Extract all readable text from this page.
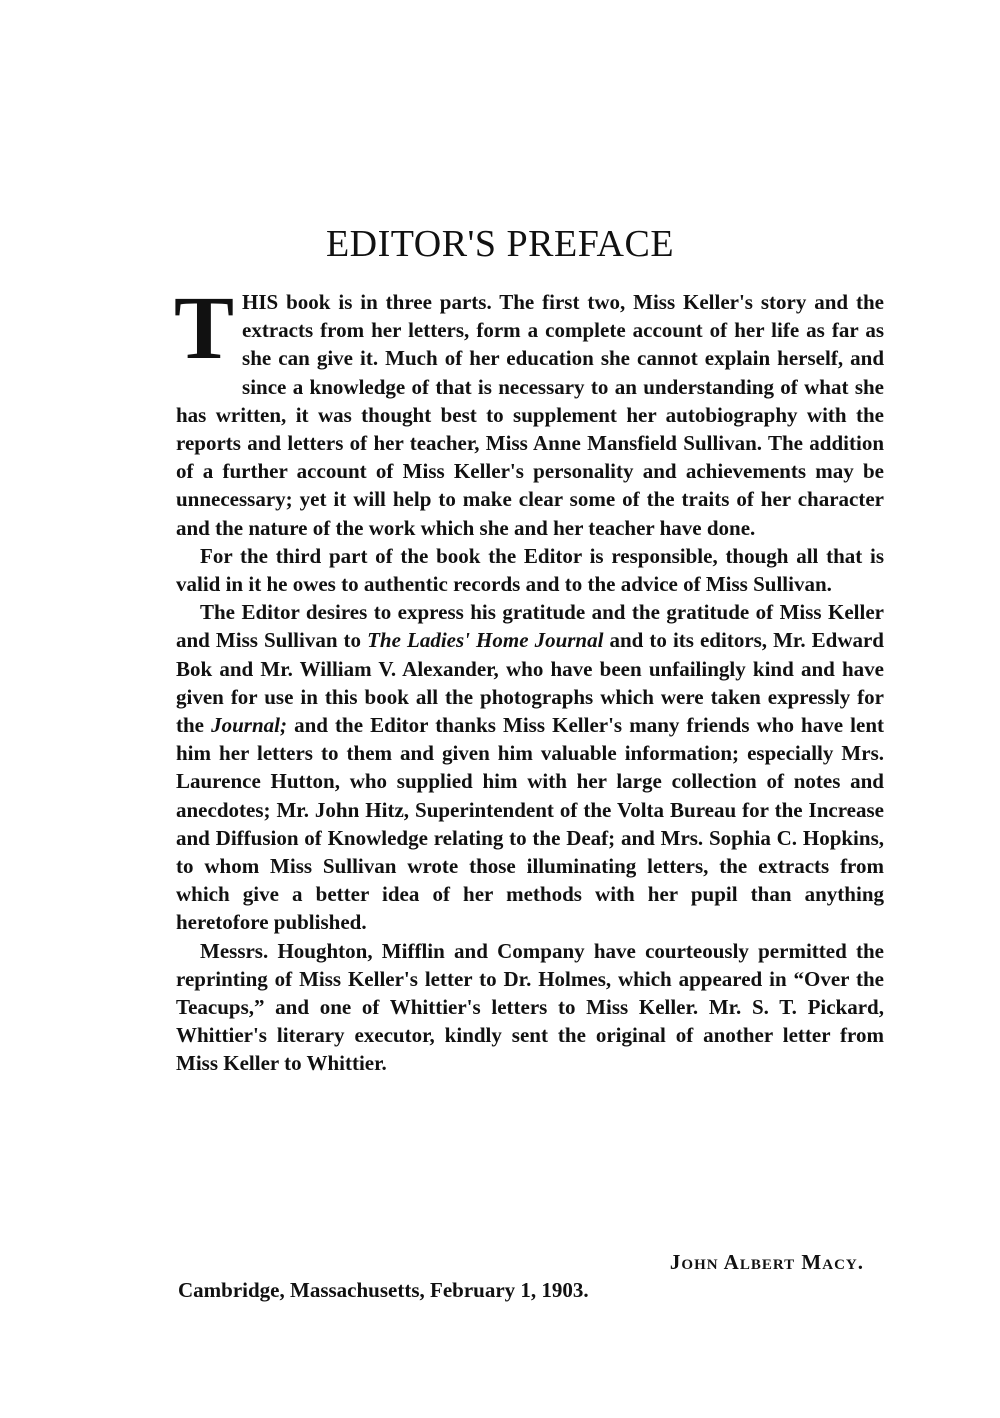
EDITOR'S PREFACE

THIS book is in three parts. The first two, Miss Keller's story and the extracts from her letters, form a complete account of her life as far as she can give it. Much of her education she cannot explain herself, and since a knowledge of that is necessary to an understanding of what she has written, it was thought best to supplement her autobiography with the reports and letters of her teacher, Miss Anne Mansfield Sullivan. The addition of a further account of Miss Keller's personality and achievements may be unnecessary; yet it will help to make clear some of the traits of her character and the nature of the work which she and her teacher have done.

For the third part of the book the Editor is responsible, though all that is valid in it he owes to authentic records and to the advice of Miss Sullivan.

The Editor desires to express his gratitude and the gratitude of Miss Keller and Miss Sullivan to The Ladies' Home Journal and to its editors, Mr. Edward Bok and Mr. William V. Alexander, who have been unfailingly kind and have given for use in this book all the photographs which were taken expressly for the Journal; and the Editor thanks Miss Keller's many friends who have lent him her letters to them and given him valuable information; especially Mrs. Laurence Hutton, who supplied him with her large collection of notes and anecdotes; Mr. John Hitz, Superintendent of the Volta Bureau for the Increase and Diffusion of Knowledge relating to the Deaf; and Mrs. Sophia C. Hopkins, to whom Miss Sullivan wrote those illuminating letters, the extracts from which give a better idea of her methods with her pupil than anything heretofore published.

Messrs. Houghton, Mifflin and Company have courteously permitted the reprinting of Miss Keller's letter to Dr. Holmes, which appeared in “Over the Teacups,” and one of Whittier's letters to Miss Keller. Mr. S. T. Pickard, Whittier's literary executor, kindly sent the original of another letter from Miss Keller to Whittier.

John Albert Macy.
Cambridge, Massachusetts, February 1, 1903.
